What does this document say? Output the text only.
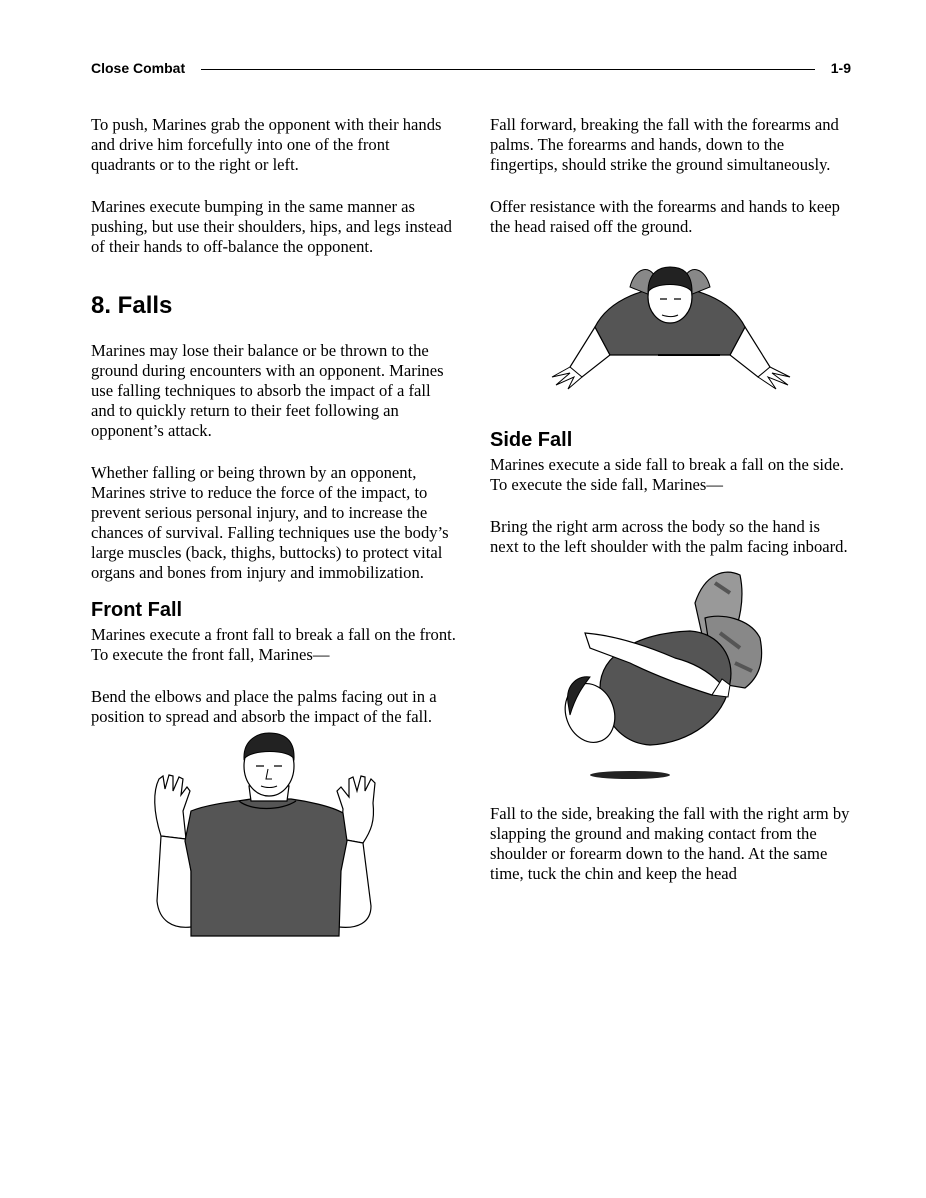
Close Combat	1-9

To push, Marines grab the opponent with their hands and drive him forcefully into one of the front quadrants or to the right or left.

Marines execute bumping in the same manner as pushing, but use their shoulders, hips, and legs instead of their hands to off-balance the opponent.

8. Falls

Marines may lose their balance or be thrown to the ground during encounters with an opponent. Marines use falling techniques to absorb the impact of a fall and to quickly return to their feet following an opponent’s attack.

Whether falling or being thrown by an opponent, Marines strive to reduce the force of the impact, to prevent serious personal injury, and to increase the chances of survival. Falling techniques use the body’s large muscles (back, thighs, buttocks) to protect vital organs and bones from injury and immobilization.

Front Fall

Marines execute a front fall to break a fall on the front. To execute the front fall, Marines—

Bend the elbows and place the palms facing out in a position to spread and absorb the impact of the fall.

Fall forward, breaking the fall with the forearms and palms. The forearms and hands, down to the fingertips, should strike the ground simultaneously.

Offer resistance with the forearms and hands to keep the head raised off the ground.

Side Fall

Marines execute a side fall to break a fall on the side. To execute the side fall, Marines—

Bring the right arm across the body so the hand is next to the left shoulder with the palm facing inboard.

Fall to the side, breaking the fall with the right arm by slapping the ground and making contact from the shoulder or forearm down to the hand. At the same time, tuck the chin and keep the head
